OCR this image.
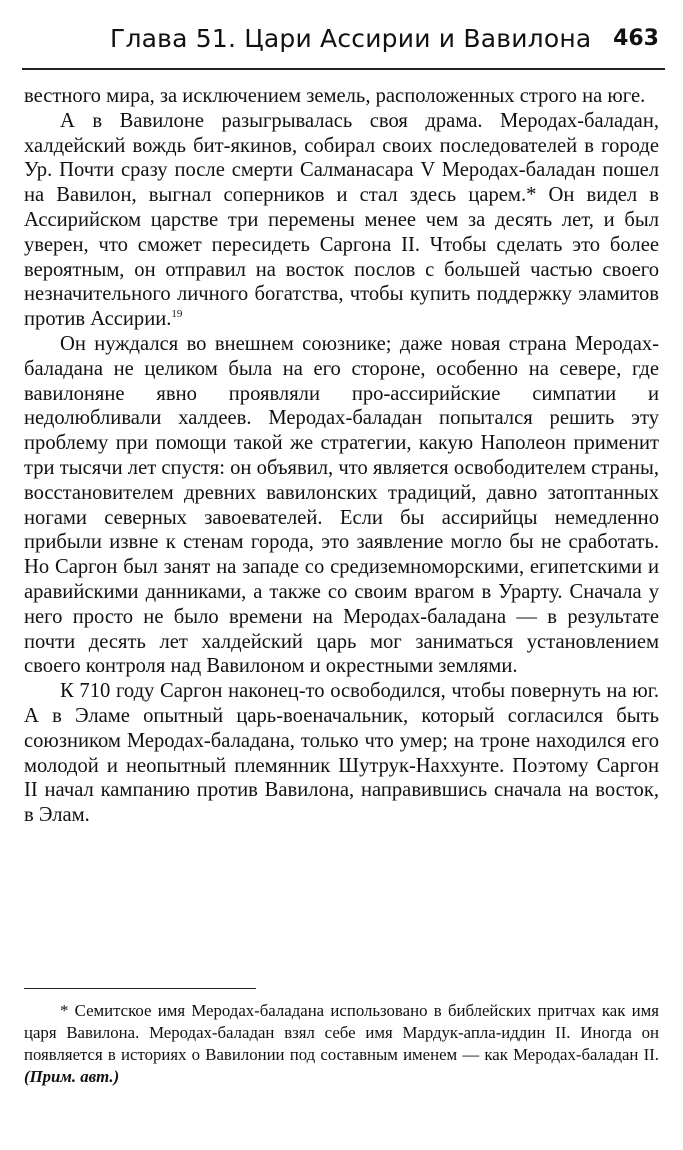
Глава 51. Цари Ассирии и Вавилона 463

вестного мира, за исключением земель, расположенных строго на юге.

А в Вавилоне разыгрывалась своя драма. Меродах-баладан, халдейский вождь бит-якинов, собирал своих последователей в городе Ур. Почти сразу после смерти Салманасара V Меродах-баладан пошел на Вавилон, выгнал соперников и стал здесь царем.* Он видел в Ассирийском царстве три перемены менее чем за десять лет, и был уверен, что сможет пересидеть Саргона II. Чтобы сделать это более вероятным, он отправил на восток послов с большей частью своего незначительного личного богатства, чтобы купить поддержку эламитов против Ассирии.$^{19}$

Он нуждался во внешнем союзнике; даже новая страна Меродах-баладана не целиком была на его стороне, особенно на севере, где вавилоняне явно проявляли про-ассирийские симпатии и недолюбливали халдеев. Меродах-баладан попытался решить эту проблему при помощи такой же стратегии, какую Наполеон применит три тысячи лет спустя: он объявил, что является освободителем страны, восстановителем древних вавилонских традиций, давно затоптанных ногами северных завоевателей. Если бы ассирийцы немедленно прибыли извне к стенам города, это заявление могло бы не сработать. Но Саргон был занят на западе со средиземноморскими, египетскими и аравийскими данниками, а также со своим врагом в Урарту. Сначала у него просто не было времени на Меродах-баладана — в результате почти десять лет халдейский царь мог заниматься установлением своего контроля над Вавилоном и окрестными землями.

К 710 году Саргон наконец-то освободился, чтобы повернуть на юг. А в Эламе опытный царь-военачальник, который согласился быть союзником Меродах-баладана, только что умер; на троне находился его молодой и неопытный племянник Шутрук-Наххунте. Поэтому Саргон II начал кампанию против Вавилона, направившись сначала на восток, в Элам.

* Семитское имя Меродах-баладана использовано в библейских притчах как имя царя Вавилона. Меродах-баладан взял себе имя Мардук-апла-иддин II. Иногда он появляется в историях о Вавилонии под составным именем — как Меродах-баладан II. (Прим. авт.)
